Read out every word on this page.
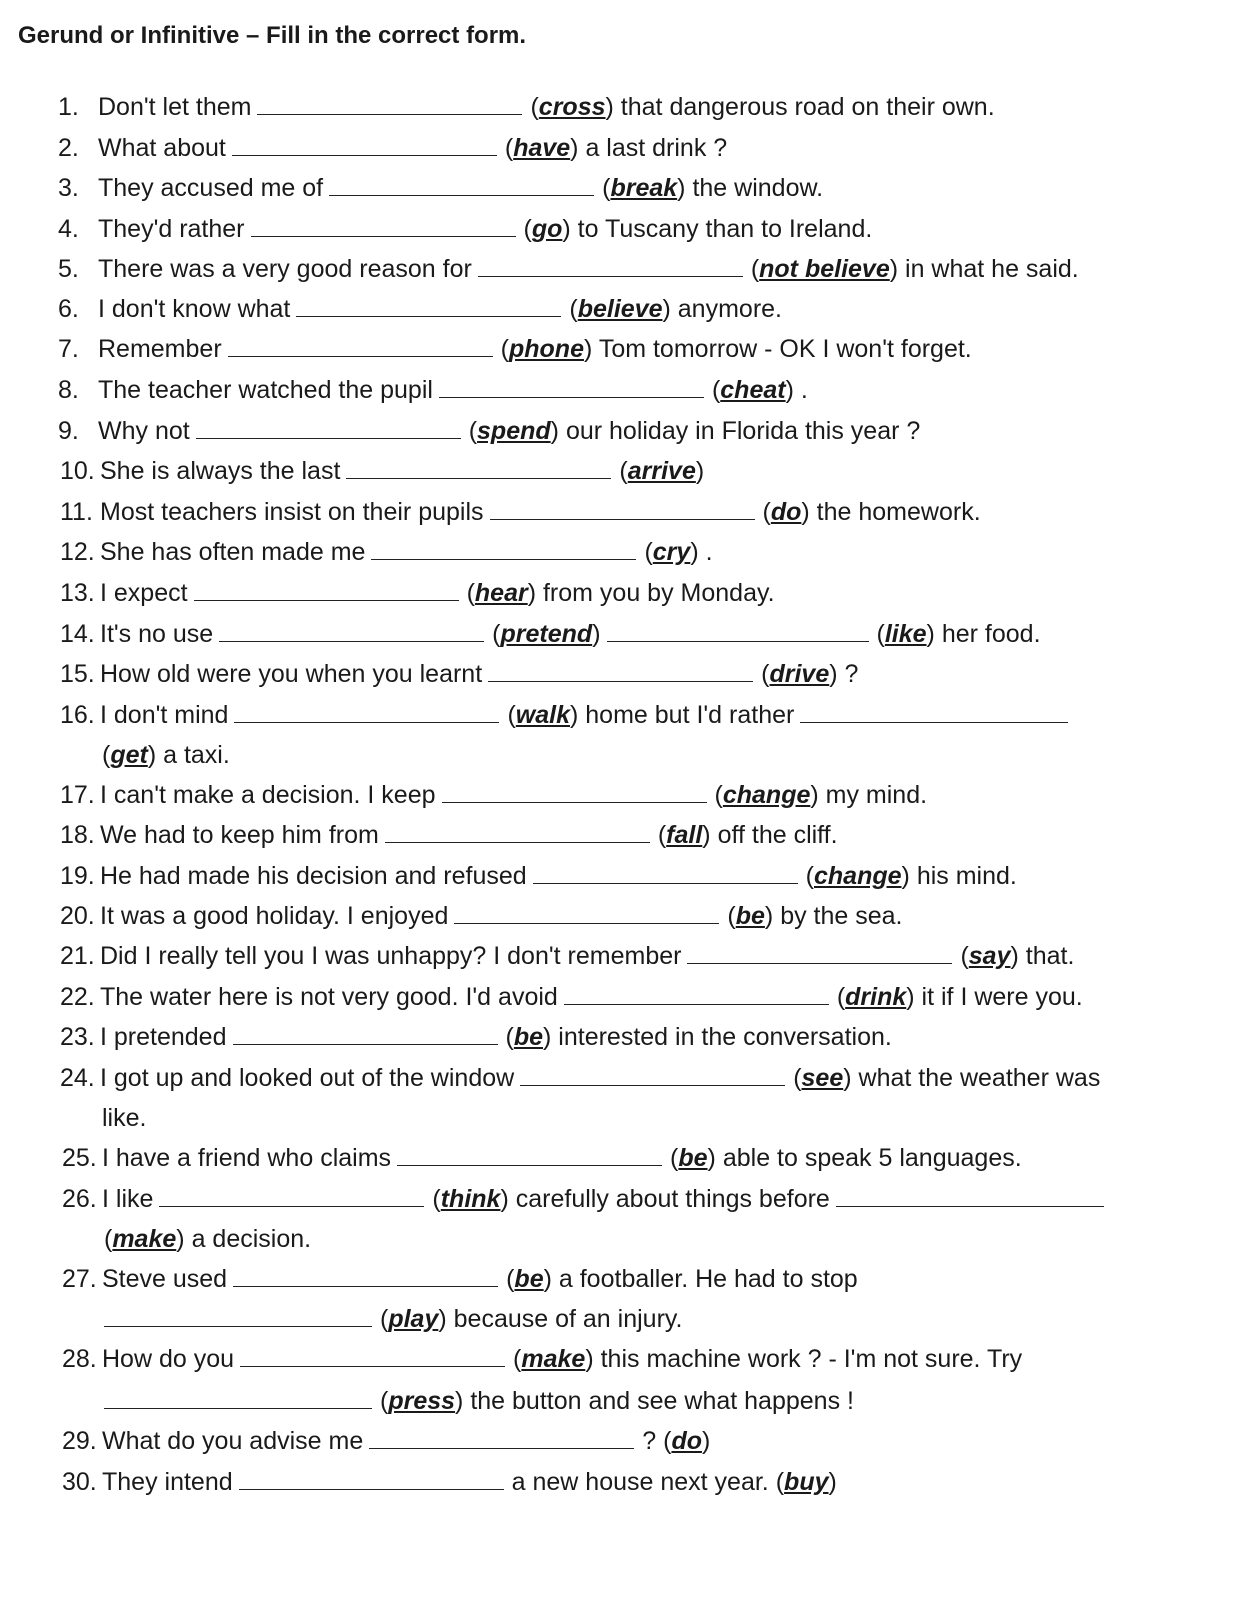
Gerund or Infinitive – Fill in the correct form.
1. Don't let them	(cross) that dangerous road on their own.
2. What about	(have) a last drink ?
3. They accused me of	(break) the window.
4. They'd rather	(go) to Tuscany than to Ireland.
5. There was a very good reason for	(not believe) in what he said.
6. I don't know what	(believe) anymore.
7. Remember	(phone) Tom tomorrow - OK I won't forget.
8. The teacher watched the pupil	(cheat) .
9. Why not	(spend) our holiday in Florida this year ?
10. She is always the last	(arrive)
11. Most teachers insist on their pupils	(do) the homework.
12. She has often made me	(cry) .
13. I expect	(hear) from you by Monday.
14. It's no use	(pretend)	(like) her food.
15. How old were you when you learnt	(drive) ?
16. I don't mind	(walk) home but I'd rather
(get) a taxi.
17. I can't make a decision. I keep	(change) my mind.
18. We had to keep him from	(fall) off the cliff.
19. He had made his decision and refused	(change) his mind.
20. It was a good holiday. I enjoyed	(be) by the sea.
21. Did I really tell you I was unhappy? I don't remember	(say) that.
22. The water here is not very good. I'd avoid	(drink) it if I were you.
23. I pretended	(be) interested in the conversation.
24. I got up and looked out of the window	(see) what the weather was
like.
25. I have a friend who claims	(be) able to speak 5 languages.
26. I like	(think) carefully about things before
(make) a decision.
27. Steve used	(be) a footballer. He had to stop
(play) because of an injury.
28. How do you	(make) this machine work ? - I'm not sure. Try
(press) the button and see what happens !
29. What do you advise me	? (do)
30. They intend	a new house next year. (buy)
